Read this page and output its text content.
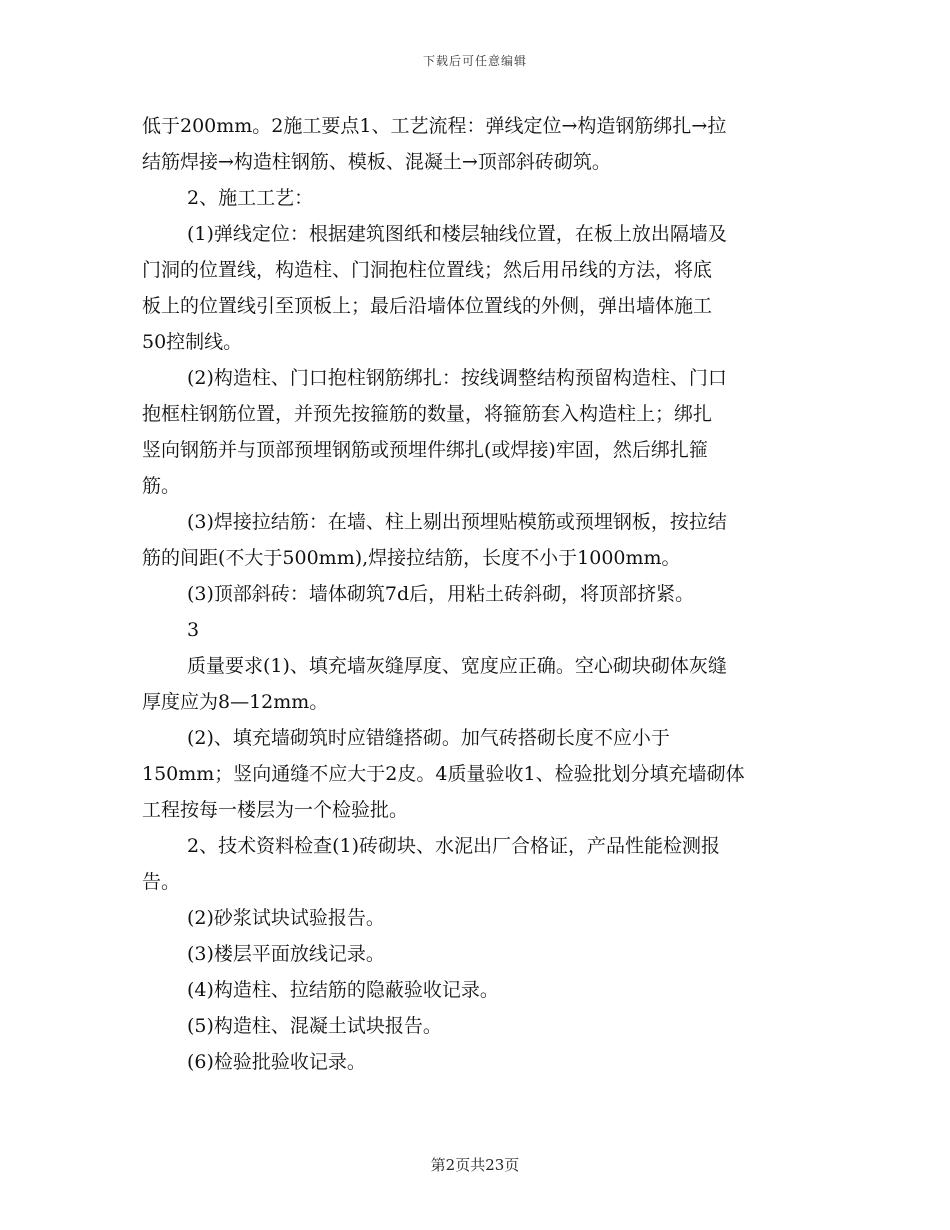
下载后可任意编辑

低于200mm。2施工要点1、工艺流程：弹线定位→构造钢筋绑扎→拉

结筋焊接→构造柱钢筋、模板、混凝土→顶部斜砖砌筑。

2、施工工艺：

(1)弹线定位：根据建筑图纸和楼层轴线位置，在板上放出隔墙及

门洞的位置线，构造柱、门洞抱柱位置线；然后用吊线的方法，将底

板上的位置线引至顶板上；最后沿墙体位置线的外侧，弹出墙体施工

50控制线。

(2)构造柱、门口抱柱钢筋绑扎：按线调整结构预留构造柱、门口

抱框柱钢筋位置，并预先按箍筋的数量，将箍筋套入构造柱上；绑扎

竖向钢筋并与顶部预埋钢筋或预埋件绑扎(或焊接)牢固，然后绑扎箍

筋。

(3)焊接拉结筋：在墙、柱上剔出预埋贴模筋或预埋钢板，按拉结

筋的间距(不大于500mm),焊接拉结筋，长度不小于1000mm。

(3)顶部斜砖：墙体砌筑7d后，用粘土砖斜砌，将顶部挤紧。

3

质量要求(1)、填充墙灰缝厚度、宽度应正确。空心砌块砌体灰缝

厚度应为8—12mm。

(2)、填充墙砌筑时应错缝搭砌。加气砖搭砌长度不应小于

150mm；竖向通缝不应大于2皮。4质量验收1、检验批划分填充墙砌体

工程按每一楼层为一个检验批。

2、技术资料检查(1)砖砌块、水泥出厂合格证，产品性能检测报

告。

(2)砂浆试块试验报告。

(3)楼层平面放线记录。

(4)构造柱、拉结筋的隐蔽验收记录。

(5)构造柱、混凝土试块报告。

(6)检验批验收记录。

第2页共23页
